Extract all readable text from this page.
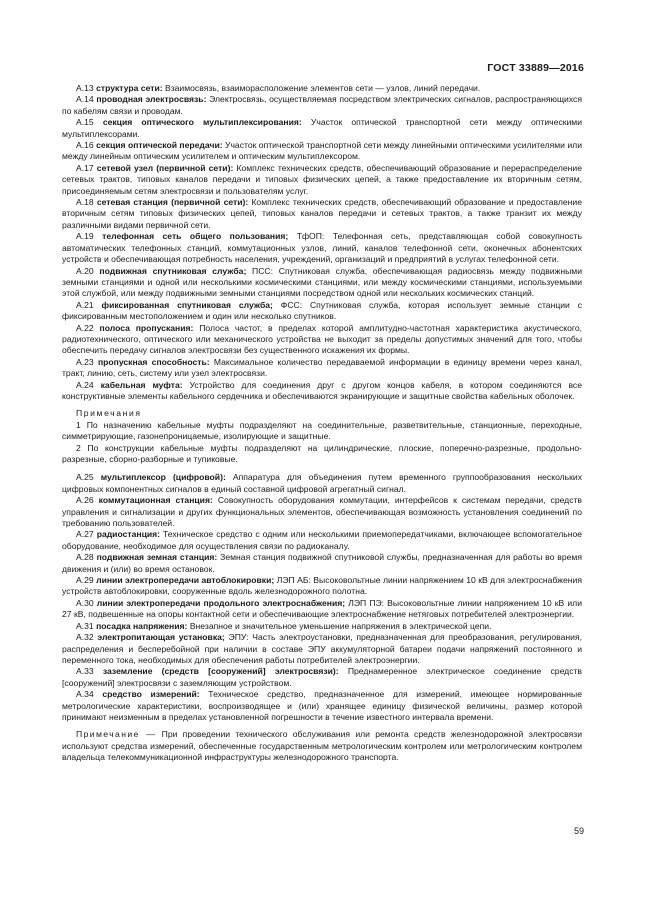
ГОСТ 33889—2016

А.13 структура сети: Взаимосвязь, взаиморасположение элементов сети — узлов, линий передачи.

А.14 проводная электросвязь: Электросвязь, осуществляемая посредством электрических сигналов, распространяющихся по кабелям связи и проводам.

А.15 секция оптического мультиплексирования: Участок оптической транспортной сети между оптическими мультиплексорами.

А.16 секция оптической передачи: Участок оптической транспортной сети между линейными оптическими усилителями или между линейным оптическим усилителем и оптическим мультиплексором.

А.17 сетевой узел (первичной сети): Комплекс технических средств, обеспечивающий образование и перераспределение сетевых трактов, типовых каналов передачи и типовых физических цепей, а также предоставление их вторичным сетям, присоединяемым сетям электросвязи и пользователям услуг.

А.18 сетевая станция (первичной сети): Комплекс технических средств, обеспечивающий образование и предоставление вторичным сетям типовых физических цепей, типовых каналов передачи и сетевых трактов, а также транзит их между различными видами первичной сети.

А.19 телефонная сеть общего пользования; ТфОП: Телефонная сеть, представляющая собой совокупность автоматических телефонных станций, коммутационных узлов, линий, каналов телефонной сети, оконечных абонентских устройств и обеспечивающая потребность населения, учреждений, организаций и предприятий в услугах телефонной сети.

А.20 подвижная спутниковая служба; ПСС: Спутниковая служба, обеспечивающая радиосвязь между подвижными земными станциями и одной или несколькими космическими станциями, или между космическими станциями, используемыми этой службой, или между подвижными земными станциями посредством одной или нескольких космических станций.

А.21 фиксированная спутниковая служба; ФСС: Спутниковая служба, которая использует земные станции с фиксированным местоположением и один или несколько спутников.

А.22 полоса пропускания: Полоса частот, в пределах которой амплитудно-частотная характеристика акустического, радиотехнического, оптического или механического устройства не выходит за пределы допустимых значений для того, чтобы обеспечить передачу сигналов электросвязи без существенного искажения их формы.

А.23 пропускная способность: Максимальное количество передаваемой информации в единицу времени через канал, тракт, линию, сеть, систему или узел электросвязи.

А.24 кабельная муфта: Устройство для соединения друг с другом концов кабеля, в котором соединяются все конструктивные элементы кабельного сердечника и обеспечиваются экранирующие и защитные свойства кабельных оболочек.

Примечания

1 По назначению кабельные муфты подразделяют на соединительные, разветвительные, станционные, переходные, симметрирующие, газонепроницаемые, изолирующие и защитные.

2 По конструкции кабельные муфты подразделяют на цилиндрические, плоские, поперечно-разрезные, продольно-разрезные, сборно-разборные и тупиковые.

А.25 мультиплексор (цифровой): Аппаратура для объединения путем временного группообразования нескольких цифровых компонентных сигналов в единый составной цифровой агрегатный сигнал.

А.26 коммутационная станция: Совокупность оборудования коммутации, интерфейсов к системам передачи, средств управления и сигнализации и других функциональных элементов, обеспечивающая возможность установления соединений по требованию пользователей.

А.27 радиостанция: Техническое средство с одним или несколькими приемопередатчиками, включающее вспомогательное оборудование, необходимое для осуществления связи по радиоканалу.

А.28 подвижная земная станция: Земная станция подвижной спутниковой службы, предназначенная для работы во время движения и (или) во время остановок.

А.29 линии электропередачи автоблокировки; ЛЭП АБ: Высоковольтные линии напряжением 10 кВ для электроснабжения устройств автоблокировки, сооруженные вдоль железнодорожного полотна.

А.30 линии электропередачи продольного электроснабжения; ЛЭП ПЭ: Высоковольтные линии напряжением 10 кВ или 27 кВ, подвешенные на опоры контактной сети и обеспечивающие электроснабжение нетяговых потребителей электроэнергии.

А.31 посадка напряжения: Внезапное и значительное уменьшение напряжения в электрической цепи.

А.32 электропитающая установка; ЭПУ: Часть электроустановки, предназначенная для преобразования, регулирования, распределения и бесперебойной при наличии в составе ЭПУ аккумуляторной батареи подачи напряжений постоянного и переменного тока, необходимых для обеспечения работы потребителей электроэнергии.

А.33 заземление (средств [сооружений] электросвязи): Преднамеренное электрическое соединение средств [сооружений] электросвязи с заземляющим устройством.

А.34 средство измерений: Техническое средство, предназначенное для измерений, имеющее нормированные метрологические характеристики, воспроизводящее и (или) хранящее единицу физической величины, размер которой принимают неизменным в пределах установленной погрешности в течение известного интервала времени.

Примечание — При проведении технического обслуживания или ремонта средств железнодорожной электросвязи используют средства измерений, обеспеченные государственным метрологическим контролем или метрологическим контролем владельца телекоммуникационной инфраструктуры железнодорожного транспорта.

59
